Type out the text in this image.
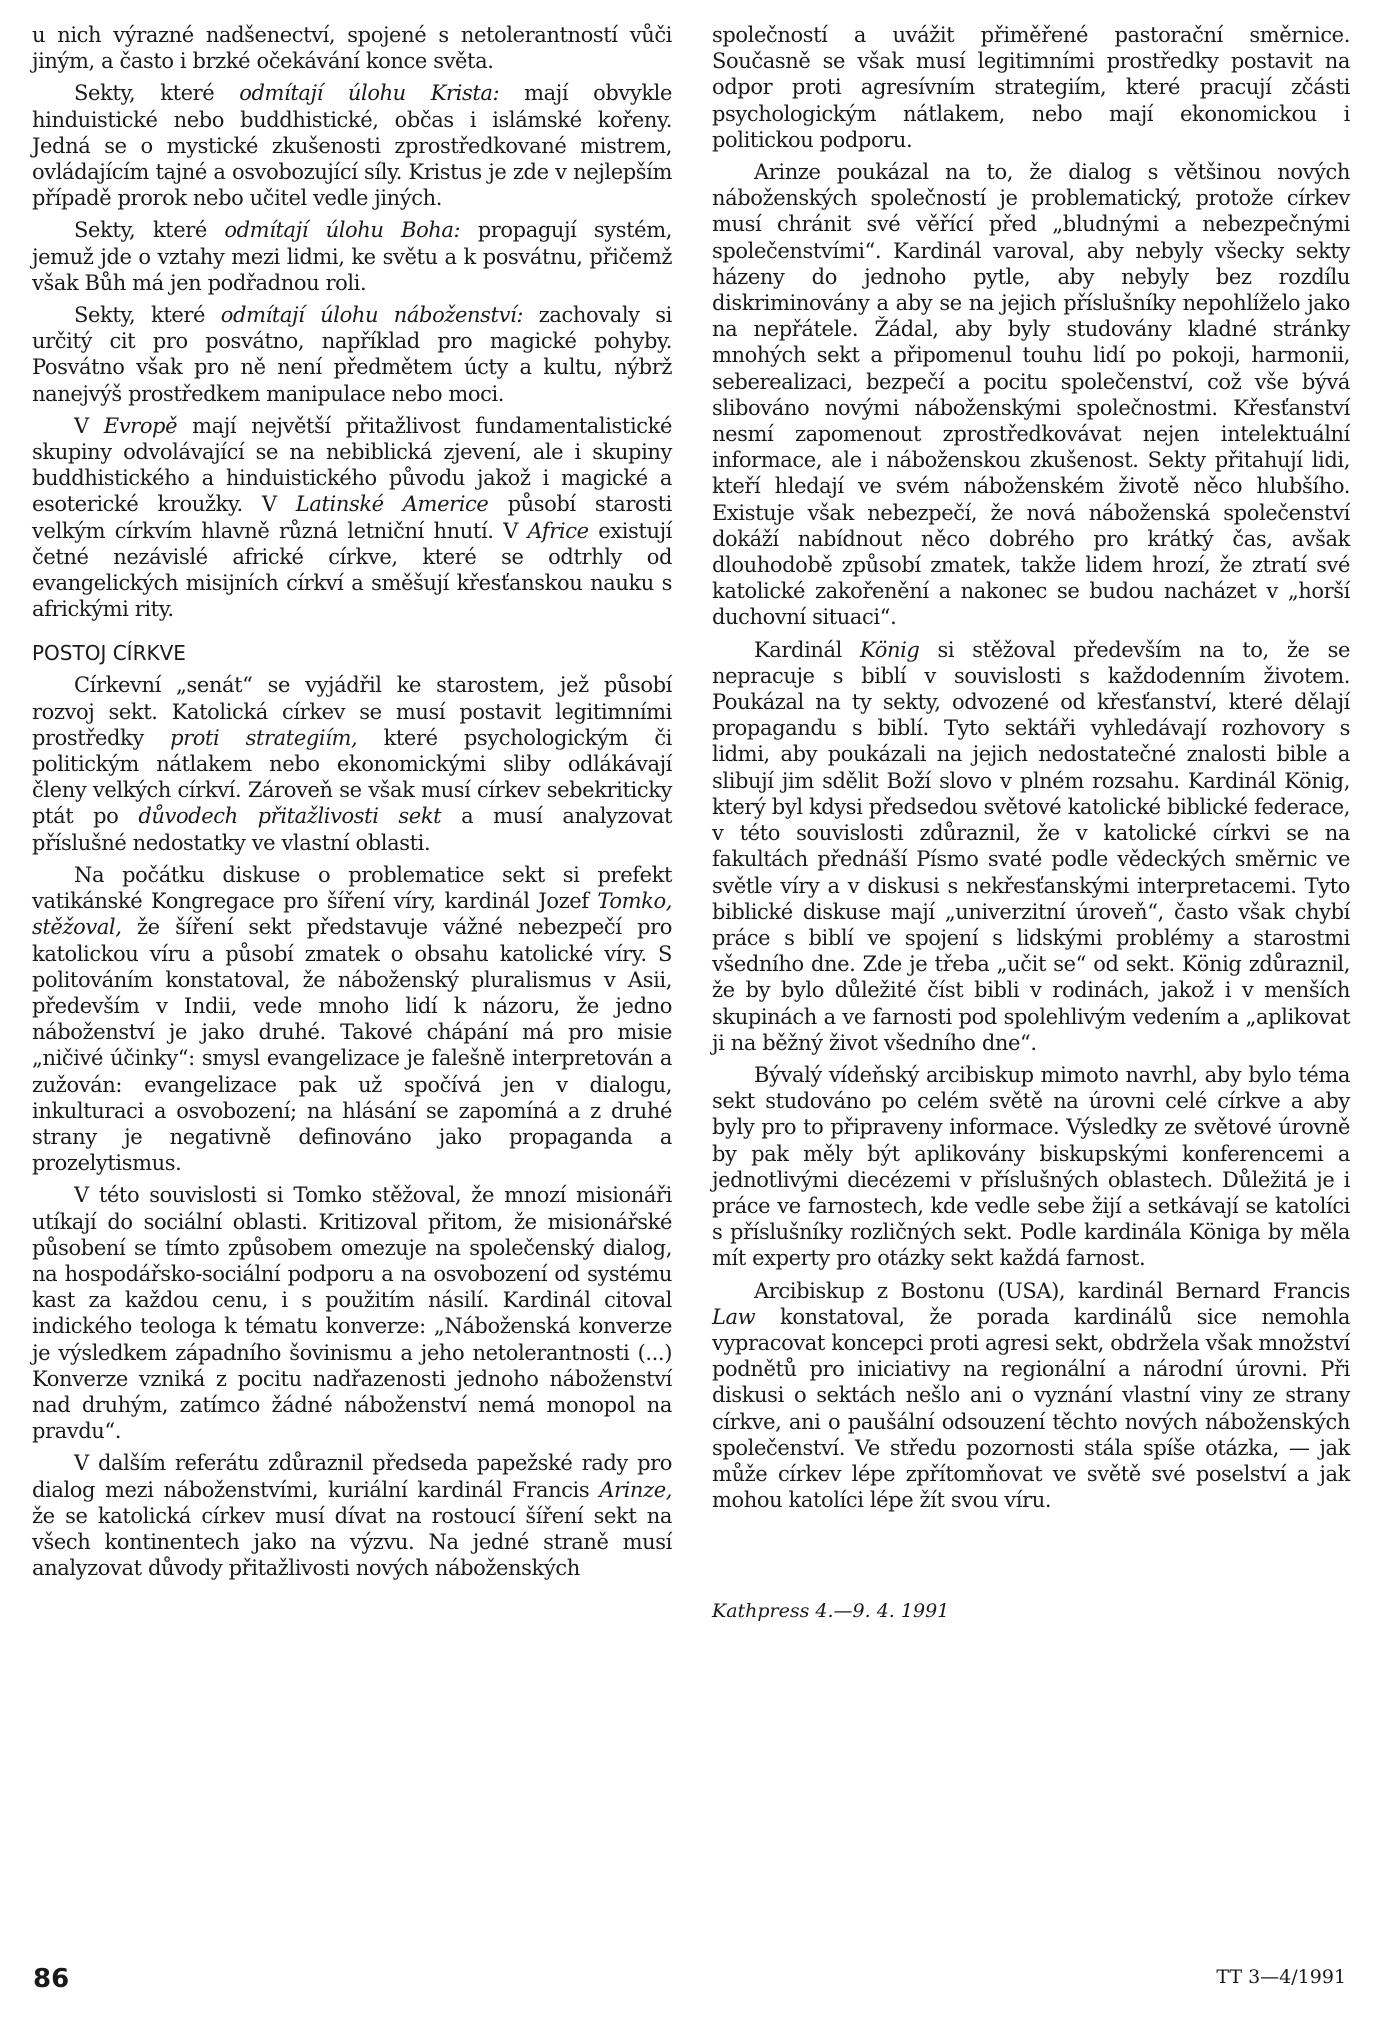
u nich výrazné nadšenectví, spojené s netolerantností vůči jiným, a často i brzké očekávání konce světa.

Sekty, které odmítají úlohu Krista: mají obvykle hinduistické nebo buddhistické, občas i islámské kořeny. Jedná se o mystické zkušenosti zprostředkované mistrem, ovládajícím tajné a osvobozující síly. Kristus je zde v nejlepším případě prorok nebo učitel vedle jiných.

Sekty, které odmítají úlohu Boha: propagují systém, jemuž jde o vztahy mezi lidmi, ke světu a k posvátnu, přičemž však Bůh má jen podřadnou roli.

Sekty, které odmítají úlohu náboženství: zachovaly si určitý cit pro posvátno, například pro magické pohyby. Posvátno však pro ně není předmětem úcty a kultu, nýbrž nanejvýš prostředkem manipulace nebo moci.

V Evropě mají největší přitažlivost fundamentalistické skupiny odvolávající se na nebiblická zjevení, ale i skupiny buddhistického a hinduistického původu jakož i magické a esoterické kroužky. V Latinské Americe působí starosti velkým církvím hlavně různá letniční hnutí. V Africe existují četné nezávislé africké církve, které se odtrhly od evangelických misijních církví a směšují křesťanskou nauku s africkými rity.

POSTOJ CÍRKVE

Církevní „senát“ se vyjádřil ke starostem, jež působí rozvoj sekt. Katolická církev se musí postavit legitimními prostředky proti strategiím, které psychologickým či politickým nátlakem nebo ekonomickými sliby odlákávají členy velkých církví. Zároveň se však musí církev sebekriticky ptát po důvodech přitažlivosti sekt a musí analyzovat příslušné nedostatky ve vlastní oblasti.

Na počátku diskuse o problematice sekt si prefekt vatikánské Kongregace pro šíření víry, kardinál Jozef Tomko, stěžoval, že šíření sekt představuje vážné nebezpečí pro katolickou víru a působí zmatek o obsahu katolické víry. S politováním konstatoval, že náboženský pluralismus v Asii, především v Indii, vede mnoho lidí k názoru, že jedno náboženství je jako druhé. Takové chápání má pro misie „ničivé účinky“: smysl evangelizace je falešně interpretován a zužován: evangelizace pak už spočívá jen v dialogu, inkulturaci a osvobození; na hlásání se zapomíná a z druhé strany je negativně definováno jako propaganda a prozelytismus.

V této souvislosti si Tomko stěžoval, že mnozí misionáři utíkají do sociální oblasti. Kritizoval přitom, že misionářské působení se tímto způsobem omezuje na společenský dialog, na hospodářsko-sociální podporu a na osvobození od systému kast za každou cenu, i s použitím násilí. Kardinál citoval indického teologa k tématu konverze: „Náboženská konverze je výsledkem západního šovinismu a jeho netolerantnosti (...) Konverze vzniká z pocitu nadřazenosti jednoho náboženství nad druhým, zatímco žádné náboženství nemá monopol na pravdu“.

V dalším referátu zdůraznil předseda papežské rady pro dialog mezi náboženstvími, kuriální kardinál Francis Arinze, že se katolická církev musí dívat na rostoucí šíření sekt na všech kontinentech jako na výzvu. Na jedné straně musí analyzovat důvody přitažlivosti nových náboženských

společností a uvážit přiměřené pastorační směrnice. Současně se však musí legitimními prostředky postavit na odpor proti agresívním strategiím, které pracují zčásti psychologickým nátlakem, nebo mají ekonomickou i politickou podporu.

Arinze poukázal na to, že dialog s většinou nových náboženských společností je problematický, protože církev musí chránit své věřící před „bludnými a nebezpečnými společenstvími“. Kardinál varoval, aby nebyly všecky sekty házeny do jednoho pytle, aby nebyly bez rozdílu diskriminovány a aby se na jejich příslušníky nepohlíželo jako na nepřátele. Žádal, aby byly studovány kladné stránky mnohých sekt a připomenul touhu lidí po pokoji, harmonii, seberealizaci, bezpečí a pocitu společenství, což vše bývá slibováno novými náboženskými společnostmi. Křesťanství nesmí zapomenout zprostředkovávat nejen intelektuální informace, ale i náboženskou zkušenost. Sekty přitahují lidi, kteří hledají ve svém náboženském životě něco hlubšího. Existuje však nebezpečí, že nová náboženská společenství dokáží nabídnout něco dobrého pro krátký čas, avšak dlouhodobě způsobí zmatek, takže lidem hrozí, že ztratí své katolické zakořenění a nakonec se budou nacházet v „horší duchovní situaci“.

Kardinál König si stěžoval především na to, že se nepracuje s biblí v souvislosti s každodenním životem. Poukázal na ty sekty, odvozené od křesťanství, které dělají propagandu s biblí. Tyto sektáři vyhledávají rozhovory s lidmi, aby poukázali na jejich nedostatečné znalosti bible a slibují jim sdělit Boží slovo v plném rozsahu. Kardinál König, který byl kdysi předsedou světové katolické biblické federace, v této souvislosti zdůraznil, že v katolické církvi se na fakultách přednáší Písmo svaté podle vědeckých směrnic ve světle víry a v diskusi s nekřesťanskými interpretacemi. Tyto biblické diskuse mají „univerzitní úroveň“, často však chybí práce s biblí ve spojení s lidskými problémy a starostmi všedního dne. Zde je třeba „učit se“ od sekt. König zdůraznil, že by bylo důležité číst bibli v rodinách, jakož i v menších skupinách a ve farnosti pod spolehlivým vedením a „aplikovat ji na běžný život všedního dne“.

Bývalý vídeňský arcibiskup mimoto navrhl, aby bylo téma sekt studováno po celém světě na úrovni celé církve a aby byly pro to připraveny informace. Výsledky ze světové úrovně by pak měly být aplikovány biskupskými konferencemi a jednotlivými diecézemi v příslušných oblastech. Důležitá je i práce ve farnostech, kde vedle sebe žijí a setkávají se katolíci s příslušníky rozličných sekt. Podle kardinála Königa by měla mít experty pro otázky sekt každá farnost.

Arcibiskup z Bostonu (USA), kardinál Bernard Francis Law konstatoval, že porada kardinálů sice nemohla vypracovat koncepci proti agresi sekt, obdržela však množství podnětů pro iniciativy na regionální a národní úrovni. Při diskusi o sektách nešlo ani o vyznání vlastní viny ze strany církve, ani o paušální odsouzení těchto nových náboženských společenství. Ve středu pozornosti stála spíše otázka, — jak může církev lépe zpřítomňovat ve světě své poselství a jak mohou katolíci lépe žít svou víru.

Kathpress 4.—9. 4. 1991
86	TT 3—4/1991
